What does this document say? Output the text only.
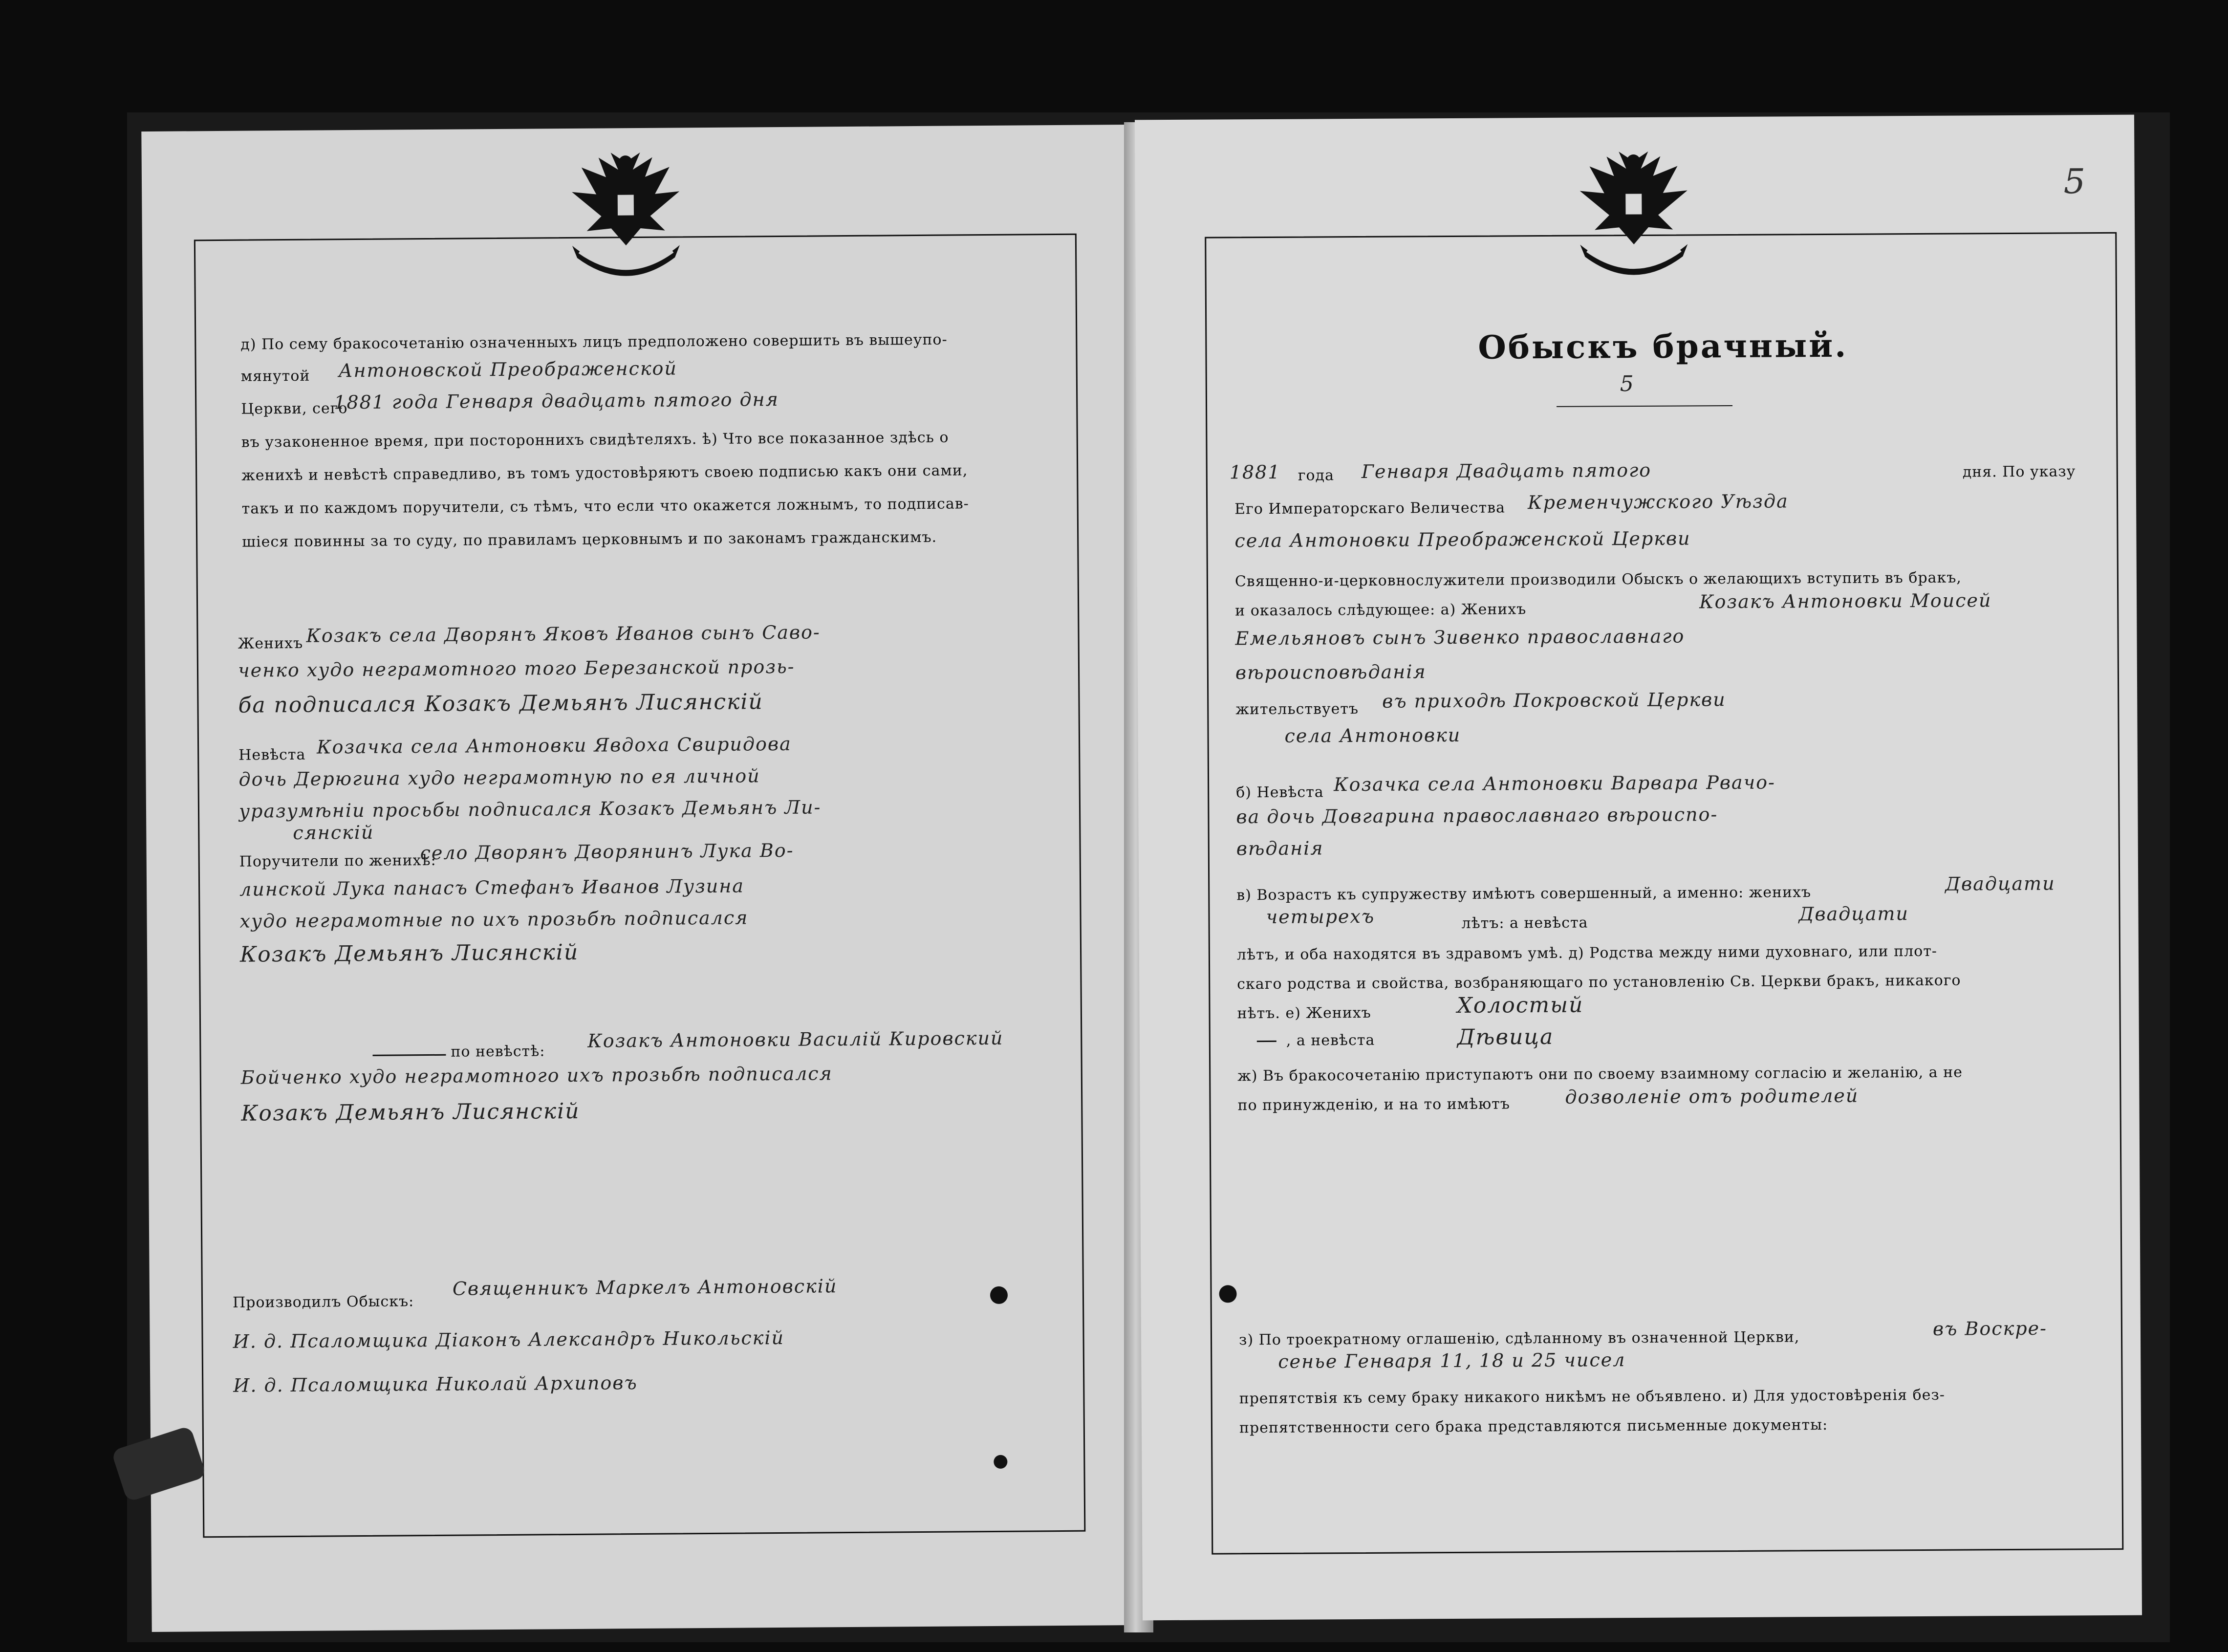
д) По сему бракосочетанію означенныхъ лицъ предположено совершить въ вышеупо-
мянутой Антоновской Преображенской
Церкви, сего
1881 года Генваря двадцать пятого дня
въ узаконенное время, при постороннихъ свидѣтеляхъ. ѣ) Что все показанное здѣсь о
женихѣ и невѣстѣ справедливо, въ томъ удостовѣряютъ своею подписью какъ они сами,
такъ и по каждомъ поручители, съ тѣмъ, что если что окажется ложнымъ, то подписав-
шіеся повинны за то суду, по правиламъ церковнымъ и по законамъ гражданскимъ.
Женихъ Козакъ села Дворянъ Яковъ Иванов сынъ Саво-
ченко худо неграмотного того Березанской прозь-
ба подписался Козакъ Демьянъ Лисянскій
Невѣста Козачка села Антоновки Явдоха Свиридова
дочь Дерюгина худо неграмотную по ея личной
уразумѣніи просьбы подписался Козакъ Демьянъ Ли-
сянскій
Поручители по женихѣ:
село Дворянъ Дворянинъ Лука Во-
линской Лука панасъ Стефанъ Иванов Лузина
худо неграмотные по ихъ прозьбѣ подписался
Козакъ Демьянъ Лисянскій
по невѣстѣ: Козакъ Антоновки Василій Кировский
Бойченко худо неграмотного ихъ прозьбѣ подписался
Козакъ Демьянъ Лисянскій
Производилъ Обыскъ:
Священникъ Маркелъ Антоновскій
И. д. Псаломщика Діаконъ Александръ Никольскій
И. д. Псаломщика Николай Архиповъ
5
Обыскъ брачный.
5
1881 года Генваря Двадцать пятого	дня. По указу
Его Императорскаго Величества Кременчужского Уѣзда
села Антоновки Преображенской Церкви
Священно-и-церковнослужители производили Обыскъ о желающихъ вступить въ бракъ,
и оказалось слѣдующее: а) Женихъ	Козакъ Антоновки Моисей
Емельяновъ сынъ Зивенко православнаго
вѣроисповѣданія
жительствуетъ въ приходѣ Покровской Церкви
села Антоновки
б) Невѣста Козачка села Антоновки Варвара Рвачо-
ва дочь Довгарина православнаго вѣроиспо-
вѣданія
в) Возрастъ къ супружеству имѣютъ совершенный, а именно: женихъ	Двадцати
четырехъ	лѣтъ: а невѣста	Двадцати
лѣтъ, и оба находятся въ здравомъ умѣ. д) Родства между ними духовнаго, или плот-
скаго родства и свойства, возбраняющаго по установленію Св. Церкви бракъ, никакого
нѣтъ. е) Женихъ	Холостый
, а невѣста	Дѣвица
ж) Въ бракосочетанію приступаютъ они по своему взаимному согласію и желанію, а не
по принужденію, и на то имѣютъ	дозволеніе отъ родителей
з) По троекратному оглашенію, сдѣланному въ означенной Церкви,	въ Воскре-
сенье Генваря 11, 18 и 25 чисел
препятствія къ сему браку никакого никѣмъ не объявлено. и) Для удостовѣренія без-
препятственности сего брака представляются письменные документы:
